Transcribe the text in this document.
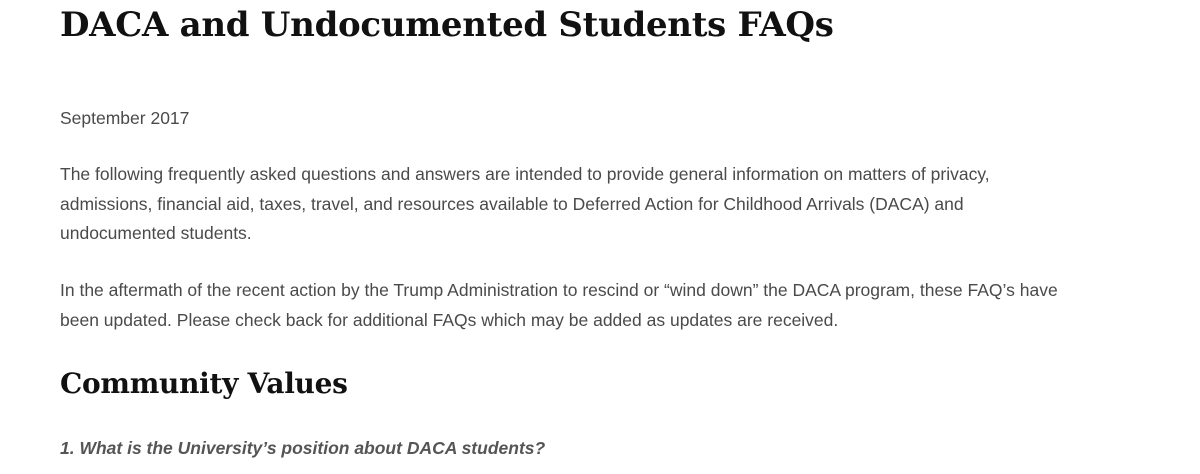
DACA and Undocumented Students FAQs

September 2017

The following frequently asked questions and answers are intended to provide general information on matters of privacy,
admissions, financial aid, taxes, travel, and resources available to Deferred Action for Childhood Arrivals (DACA) and
undocumented students.

In the aftermath of the recent action by the Trump Administration to rescind or “wind down” the DACA program, these FAQ’s have
been updated. Please check back for additional FAQs which may be added as updates are received.

Community Values

1. What is the University’s position about DACA students?
